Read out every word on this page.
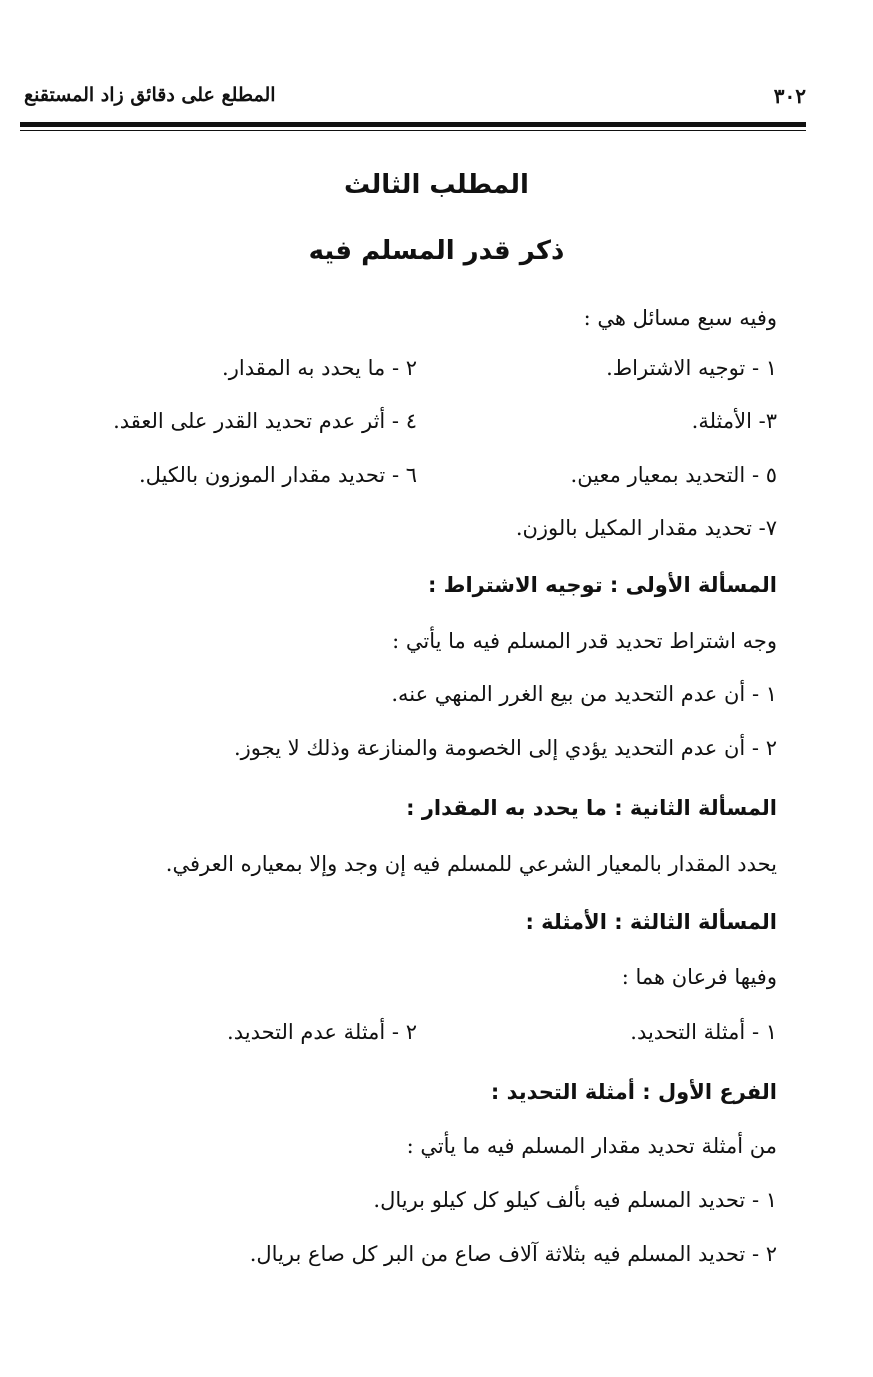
٣٠٢
المطلع على دقائق زاد المستقنع
المطلب الثالث
ذكر قدر المسلم فيه
وفيه سبع مسائل هي :
١ - توجيه الاشتراط.
٢ - ما يحدد به المقدار.
٣- الأمثلة.
٤ - أثر عدم تحديد القدر على العقد.
٥ - التحديد بمعيار معين.
٦ - تحديد مقدار الموزون بالكيل.
٧- تحديد مقدار المكيل بالوزن.
المسألة الأولى : توجيه الاشتراط :
وجه اشتراط تحديد قدر المسلم فيه ما يأتي :
١ - أن عدم التحديد من بيع الغرر المنهي عنه.
٢ - أن عدم التحديد يؤدي إلى الخصومة والمنازعة وذلك لا يجوز.
المسألة الثانية : ما يحدد به المقدار :
يحدد المقدار بالمعيار الشرعي للمسلم فيه إن وجد وإلا بمعياره العرفي.
المسألة الثالثة : الأمثلة :
وفيها فرعان هما :
١ - أمثلة التحديد.
٢ - أمثلة عدم التحديد.
الفرع الأول : أمثلة التحديد :
من أمثلة تحديد مقدار المسلم فيه ما يأتي :
١ - تحديد المسلم فيه بألف كيلو كل كيلو بريال.
٢ - تحديد المسلم فيه بثلاثة آلاف صاع من البر كل صاع بريال.
